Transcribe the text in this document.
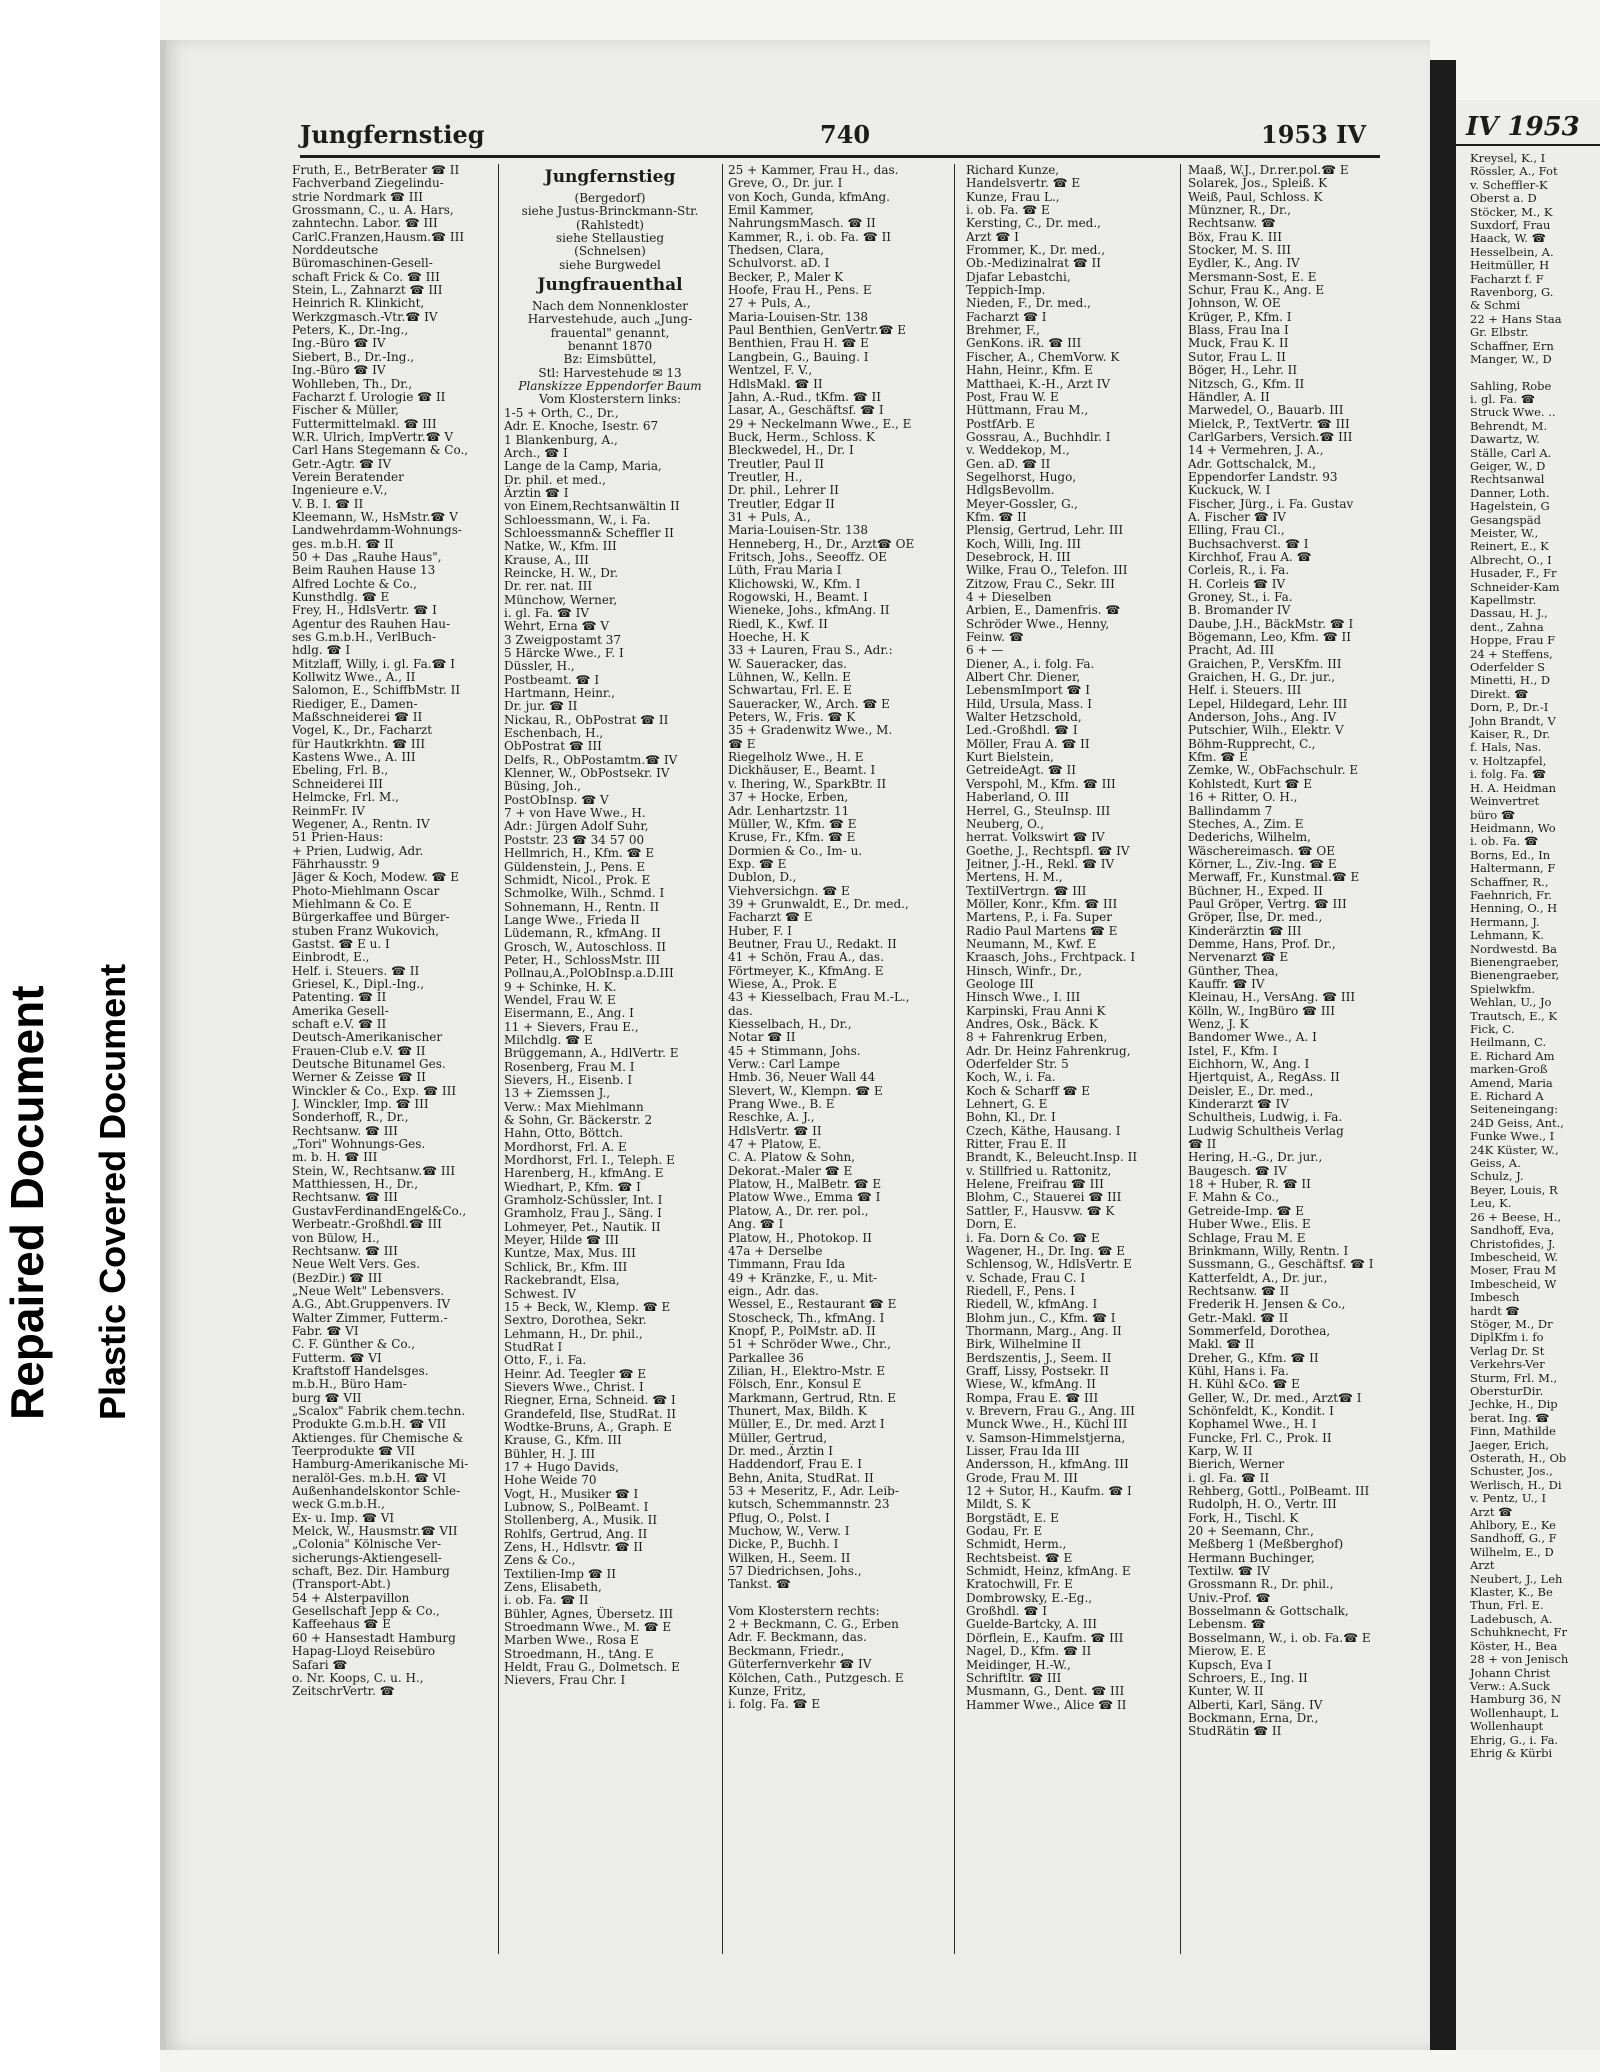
Repaired Document Plastic Covered Document
IV 1953
Kreysel, K., I
Rössler, A., Fot
v. Scheffler-K
Oberst a. D
Stöcker, M., K
Suxdorf, Frau
Haack, W. ☎
Hesselbein, A.
Heitmüller, H
Facharzt f. F
Ravenborg, G.
& Schmi
22 + Hans Staa
Gr. Elbstr.
Schaffner, Ern
Manger, W., D
Sahling, Robe
i. gl. Fa. ☎
Struck Wwe. ..
Behrendt, M.
Dawartz, W.
Ställe, Carl A.
Geiger, W., D
Rechtsanwal
Danner, Loth.
Hagelstein, G
Gesangspäd
Meister, W.,
Reinert, E., K
Albrecht, O., I
Husader, F., Fr
Schneider-Kam
Kapellmstr.
Dassau, H. J.,
dent., Zahna
Hoppe, Frau F
24 + Steffens,
Oderfelder S
Minetti, H., D
Direkt. ☎
Dorn, P., Dr.-I
John Brandt, V
Kaiser, R., Dr.
f. Hals, Nas.
v. Holtzapfel,
i. folg. Fa. ☎
H. A. Heidman
Weinvertret
büro ☎
Heidmann, Wo
i. ob. Fa. ☎
Borns, Ed., In
Haltermann, F
Schaffner, R.,
Faehnrich, Fr.
Henning, O., H
Hermann, J.
Lehmann, K.
Nordwestd. Ba
Bienengraeber,
Bienengraeber,
Spielwkfm.
Wehlan, U., Jo
Trautsch, E., K
Fick, C.
Heilmann, C.
E. Richard Am
marken-Groß
Amend, Maria
E. Richard A
Seiteneingang:
24D Geiss, Ant.,
Funke Wwe., I
24K Küster, W.,
Geiss, A.
Schulz, J.
Beyer, Louis, R
Leu, K.
26 + Beese, H.,
Sandhoff, Eva,
Christofides, J.
Imbescheid, W.
Moser, Frau M
Imbescheid, W
Imbesch
hardt ☎
Stöger, M., Dr
DiplKfm i. fo
Verlag Dr. St
Verkehrs-Ver
Sturm, Frl. M.,
ObersturDir.
Jechke, H., Dip
berat. Ing. ☎
Finn, Mathilde
Jaeger, Erich,
Osterath, H., Ob
Schuster, Jos.,
Werlisch, H., Di
v. Pentz, U., I
Arzt ☎
Ahlbory, E., Ke
Sandhoff, G., F
Wilhelm, E., D
Arzt
Neubert, J., Leh
Klaster, K., Be
Thun, Frl. E.
Ladebusch, A.
Schuhknecht, Fr
Köster, H., Bea
28 + von Jenisch
Johann Christ
Verw.: A.Suck
Hamburg 36, N
Wollenhaupt, L
Wollenhaupt
Ehrig, G., i. Fa.
Ehrig & Kürbi
Jungfernstieg	740	1953 IV
Fruth, E., BetrBerater ☎ II
Fachverband Ziegelindu-
strie Nordmark ☎ III
Grossmann, C., u. A. Hars,
zahntechn. Labor. ☎ III
CarlC.Franzen,Hausm.☎ III
Norddeutsche
Büromaschinen-Gesell-
schaft Frick & Co. ☎ III
Stein, L., Zahnarzt ☎ III
Heinrich R. Klinkicht,
Werkzgmasch.-Vtr.☎ IV
Peters, K., Dr.-Ing.,
Ing.-Büro ☎ IV
Siebert, B., Dr.-Ing.,
Ing.-Büro ☎ IV
Wohlleben, Th., Dr.,
Facharzt f. Urologie ☎ II
Fischer & Müller,
Futtermittelmakl. ☎ III
W.R. Ulrich, ImpVertr.☎ V
Carl Hans Stegemann & Co.,
Getr.-Agtr. ☎ IV
Verein Beratender
Ingenieure e.V.,
V. B. I. ☎ II
Kleemann, W., HsMstr.☎ V
Landwehrdamm-Wohnungs-
ges. m.b.H. ☎ II
50 + Das „Rauhe Haus",
Beim Rauhen Hause 13
Alfred Lochte & Co.,
Kunsthdlg. ☎ E
Frey, H., HdlsVertr. ☎ I
Agentur des Rauhen Hau-
ses G.m.b.H., VerlBuch-
hdlg. ☎ I
Mitzlaff, Willy, i. gl. Fa.☎ I
Kollwitz Wwe., A., II
Salomon, E., SchiffbMstr. II
Riediger, E., Damen-
Maßschneiderei ☎ II
Vogel, K., Dr., Facharzt
für Hautkrkhtn. ☎ III
Kastens Wwe., A. III
Ebeling, Frl. B.,
Schneiderei III
Helmcke, Frl. M.,
ReinmFr. IV
Wegener, A., Rentn. IV
51 Prien-Haus:
+ Prien, Ludwig, Adr.
Fährhausstr. 9
Jäger & Koch, Modew. ☎ E
Photo-Miehlmann Oscar
Miehlmann & Co. E
Bürgerkaffee und Bürger-
stuben Franz Wukovich,
Gastst. ☎ E u. I
Einbrodt, E.,
Helf. i. Steuers. ☎ II
Griesel, K., Dipl.-Ing.,
Patenting. ☎ II
Amerika Gesell-
schaft e.V. ☎ II
Deutsch-Amerikanischer
Frauen-Club e.V. ☎ II
Deutsche Bitunamel Ges.
Werner & Zeisse ☎ II
Winckler & Co., Exp. ☎ III
J. Winckler, Imp. ☎ III
Sonderhoff, R., Dr.,
Rechtsanw. ☎ III
„Tori" Wohnungs-Ges.
m. b. H. ☎ III
Stein, W., Rechtsanw.☎ III
Matthiessen, H., Dr.,
Rechtsanw. ☎ III
GustavFerdinandEngel&Co.,
Werbeatr.-Großhdl.☎ III
von Bülow, H.,
Rechtsanw. ☎ III
Neue Welt Vers. Ges.
(BezDir.) ☎ III
„Neue Welt" Lebensvers.
A.G., Abt.Gruppenvers. IV
Walter Zimmer, Futterm.-
Fabr. ☎ VI
C. F. Günther & Co.,
Futterm. ☎ VI
Kraftstoff Handelsges.
m.b.H., Büro Ham-
burg ☎ VII
„Scalox" Fabrik chem.techn.
Produkte G.m.b.H. ☎ VII
Aktienges. für Chemische &
Teerprodukte ☎ VII
Hamburg-Amerikanische Mi-
neralöl-Ges. m.b.H. ☎ VI
Außenhandelskontor Schle-
weck G.m.b.H.,
Ex- u. Imp. ☎ VI
Melck, W., Hausmstr.☎ VII
„Colonia" Kölnische Ver-
sicherungs-Aktiengesell-
schaft, Bez. Dir. Hamburg
(Transport-Abt.)
54 + Alsterpavillon
Gesellschaft Jepp & Co.,
Kaffeehaus ☎ E
60 + Hansestadt Hamburg
Hapag-Lloyd Reisebüro
Safari ☎
o. Nr. Koops, C. u. H.,
ZeitschrVertr. ☎
Jungfernstieg
(Bergedorf)
siehe Justus-Brinckmann-Str.
(Rahlstedt)
siehe Stellaustieg
(Schnelsen)
siehe Burgwedel
Jungfrauenthal
Nach dem Nonnenkloster
Harvestehude, auch „Jung-
frauental" genannt,
benannt 1870
Bz: Eimsbüttel,
Stl: Harvestehude ✉ 13
Planskizze Eppendorfer Baum
Vom Klosterstern links:
1-5 + Orth, C., Dr.,
Adr. E. Knoche, Isestr. 67
1 Blankenburg, A.,
Arch., ☎ I
Lange de la Camp, Maria,
Dr. phil. et med.,
Ärztin ☎ I
von Einem,Rechtsanwältin II
Schloessmann, W., i. Fa.
Schloessmann& Scheffler II
Natke, W., Kfm. III
Krause, A., III
Reincke, H. W., Dr.
Dr. rer. nat. III
Münchow, Werner,
i. gl. Fa. ☎ IV
Wehrt, Erna ☎ V
3 Zweigpostamt 37
5 Härcke Wwe., F. I
Düssler, H.,
Postbeamt. ☎ I
Hartmann, Heinr.,
Dr. jur. ☎ II
Nickau, R., ObPostrat ☎ II
Eschenbach, H.,
ObPostrat ☎ III
Delfs, R., ObPostamtm.☎ IV
Klenner, W., ObPostsekr. IV
Büsing, Joh.,
PostObInsp. ☎ V
7 + von Have Wwe., H.
Adr.: Jürgen Adolf Suhr,
Poststr. 23 ☎ 34 57 00
Hellmrich, H., Kfm. ☎ E
Güldenstein, J., Pens. E
Schmidt, Nicol., Prok. E
Schmolke, Wilh., Schmd. I
Sohnemann, H., Rentn. II
Lange Wwe., Frieda II
Lüdemann, R., kfmAng. II
Grosch, W., Autoschloss. II
Peter, H., SchlossMstr. III
Pollnau,A.,PolObInsp.a.D.III
9 + Schinke, H. K.
Wendel, Frau W. E
Eisermann, E., Ang. I
11 + Sievers, Frau E.,
Milchdlg. ☎ E
Brüggemann, A., HdlVertr. E
Rosenberg, Frau M. I
Sievers, H., Eisenb. I
13 + Ziemssen J.,
Verw.: Max Miehlmann
& Sohn, Gr. Bäckerstr. 2
Hahn, Otto, Böttch.
Mordhorst, Frl. A. E
Mordhorst, Frl. I., Teleph. E
Harenberg, H., kfmAng. E
Wiedhart, P., Kfm. ☎ I
Gramholz-Schüssler, Int. I
Gramholz, Frau J., Säng. I
Lohmeyer, Pet., Nautik. II
Meyer, Hilde ☎ III
Kuntze, Max, Mus. III
Schlick, Br., Kfm. III
Rackebrandt, Elsa,
Schwest. IV
15 + Beck, W., Klemp. ☎ E
Sextro, Dorothea, Sekr.
Lehmann, H., Dr. phil.,
StudRat I
Otto, F., i. Fa.
Heinr. Ad. Teegler ☎ E
Sievers Wwe., Christ. I
Riegner, Erna, Schneid. ☎ I
Grandefeld, Ilse, StudRat. II
Wodtke-Bruns, A., Graph. E
Krause, G., Kfm. III
Bühler, H. J. III
17 + Hugo Davids,
Hohe Weide 70
Vogt, H., Musiker ☎ I
Lubnow, S., PolBeamt. I
Stollenberg, A., Musik. II
Rohlfs, Gertrud, Ang. II
Zens, H., Hdlsvtr. ☎ II
Zens & Co.,
Textilien-Imp ☎ II
Zens, Elisabeth,
i. ob. Fa. ☎ II
Bühler, Agnes, Übersetz. III
Stroedmann Wwe., M. ☎ E
Marben Wwe., Rosa E
Stroedmann, H., tAng. E
Heldt, Frau G., Dolmetsch. E
Nievers, Frau Chr. I
25 + Kammer, Frau H., das.
Greve, O., Dr. jur. I
von Koch, Gunda, kfmAng.
Emil Kammer,
NahrungsmMasch. ☎ II
Kammer, R., i. ob. Fa. ☎ II
Thedsen, Clara,
Schulvorst. aD. I
Becker, P., Maler K
Hoofe, Frau H., Pens. E
27 + Puls, A.,
Maria-Louisen-Str. 138
Paul Benthien, GenVertr.☎ E
Benthien, Frau H. ☎ E
Langbein, G., Bauing. I
Wentzel, F. V.,
HdlsMakl. ☎ II
Jahn, A.-Rud., tKfm. ☎ II
Lasar, A., Geschäftsf. ☎ I
29 + Neckelmann Wwe., E., E
Buck, Herm., Schloss. K
Bleckwedel, H., Dr. I
Treutler, Paul II
Treutler, H.,
Dr. phil., Lehrer II
Treutler, Edgar II
31 + Puls, A.,
Maria-Louisen-Str. 138
Henneberg, H., Dr., Arzt☎ OE
Fritsch, Johs., Seeoffz. OE
Lüth, Frau Maria I
Klichowski, W., Kfm. I
Rogowski, H., Beamt. I
Wieneke, Johs., kfmAng. II
Riedl, K., Kwf. II
Hoeche, H. K
33 + Lauren, Frau S., Adr.:
W. Saueracker, das.
Lühnen, W., Kelln. E
Schwartau, Frl. E. E
Saueracker, W., Arch. ☎ E
Peters, W., Fris. ☎ K
35 + Gradenwitz Wwe., M.
☎ E
Riegelholz Wwe., H. E
Dickhäuser, E., Beamt. I
v. Ihering, W., SparkBtr. II
37 + Hocke, Erben,
Adr. Lenhartzstr. 11
Müller, W., Kfm. ☎ E
Kruse, Fr., Kfm. ☎ E
Dormien & Co., Im- u.
Exp. ☎ E
Dublon, D.,
Viehversichgn. ☎ E
39 + Grunwaldt, E., Dr. med.,
Facharzt ☎ E
Huber, F. I
Beutner, Frau U., Redakt. II
41 + Schön, Frau A., das.
Förtmeyer, K., KfmAng. E
Wiese, A., Prok. E
43 + Kiesselbach, Frau M.-L.,
das.
Kiesselbach, H., Dr.,
Notar ☎ II
45 + Stimmann, Johs.
Verw.: Carl Lampe
Hmb. 36, Neuer Wall 44
Slevert, W., Klempn. ☎ E
Prang Wwe., B. E
Reschke, A. J.,
HdlsVertr. ☎ II
47 + Platow, E.
C. A. Platow & Sohn,
Dekorat.-Maler ☎ E
Platow, H., MalBetr. ☎ E
Platow Wwe., Emma ☎ I
Platow, A., Dr. rer. pol.,
Ang. ☎ I
Platow, H., Photokop. II
47a + Derselbe
Timmann, Frau Ida
49 + Kränzke, F., u. Mit-
eign., Adr. das.
Wessel, E., Restaurant ☎ E
Stoscheck, Th., kfmAng. I
Knopf, P., PolMstr. aD. II
51 + Schröder Wwe., Chr.,
Parkallee 36
Zilian, H., Elektro-Mstr. E
Fölsch, Enr., Konsul E
Markmann, Gertrud, Rtn. E
Thunert, Max, Bildh. K
Müller, E., Dr. med. Arzt I
Müller, Gertrud,
Dr. med., Ärztin I
Haddendorf, Frau E. I
Behn, Anita, StudRat. II
53 + Meseritz, F., Adr. Leib-
kutsch, Schemmannstr. 23
Pflug, O., Polst. I
Muchow, W., Verw. I
Dicke, P., Buchh. I
Wilken, H., Seem. II
57 Diedrichsen, Johs.,
Tankst. ☎
Vom Klosterstern rechts:
2 + Beckmann, C. G., Erben
Adr. F. Beckmann, das.
Beckmann, Friedr.,
Güterfernverkehr ☎ IV
Kölchen, Cath., Putzgesch. E
Kunze, Fritz,
i. folg. Fa. ☎ E
Richard Kunze,
Handelsvertr. ☎ E
Kunze, Frau L.,
i. ob. Fa. ☎ E
Kersting, C., Dr. med.,
Arzt ☎ I
Frommer, K., Dr. med.,
Ob.-Medizinalrat ☎ II
Djafar Lebastchi,
Teppich-Imp.
Nieden, F., Dr. med.,
Facharzt ☎ I
Brehmer, F.,
GenKons. iR. ☎ III
Fischer, A., ChemVorw. K
Hahn, Heinr., Kfm. E
Matthaei, K.-H., Arzt IV
Post, Frau W. E
Hüttmann, Frau M.,
PostfArb. E
Gossrau, A., Buchhdlr. I
v. Weddekop, M.,
Gen. aD. ☎ II
Segelhorst, Hugo,
HdlgsBevollm.
Meyer-Gossler, G.,
Kfm. ☎ II
Plensig, Gertrud, Lehr. III
Koch, Willi, Ing. III
Desebrock, H. III
Wilke, Frau O., Telefon. III
Zitzow, Frau C., Sekr. III
4 + Dieselben
Arbien, E., Damenfris. ☎
Schröder Wwe., Henny,
Feinw. ☎
6 + —
Diener, A., i. folg. Fa.
Albert Chr. Diener,
LebensmImport ☎ I
Hild, Ursula, Mass. I
Walter Hetzschold,
Led.-Großhdl. ☎ I
Möller, Frau A. ☎ II
Kurt Bielstein,
GetreideAgt. ☎ II
Verspohl, M., Kfm. ☎ III
Haberland, O. III
Herrel, G., SteuInsp. III
Neuberg, O.,
herrat. Volkswirt ☎ IV
Goethe, J., Rechtspfl. ☎ IV
Jeitner, J.-H., Rekl. ☎ IV
Mertens, H. M.,
TextilVertrgn. ☎ III
Möller, Konr., Kfm. ☎ III
Martens, P., i. Fa. Super
Radio Paul Martens ☎ E
Neumann, M., Kwf. E
Kraasch, Johs., Frchtpack. I
Hinsch, Winfr., Dr.,
Geologe III
Hinsch Wwe., I. III
Karpinski, Frau Anni K
Andres, Osk., Bäck. K
8 + Fahrenkrug Erben,
Adr. Dr. Heinz Fahrenkrug,
Oderfelder Str. 5
Koch, W., i. Fa.
Koch & Scharff ☎ E
Lehnert, G. E
Bohn, Kl., Dr. I
Czech, Käthe, Hausang. I
Ritter, Frau E. II
Brandt, K., Beleucht.Insp. II
v. Stillfried u. Rattonitz,
Helene, Freifrau ☎ III
Blohm, C., Stauerei ☎ III
Sattler, F., Hausvw. ☎ K
Dorn, E.
i. Fa. Dorn & Co. ☎ E
Wagener, H., Dr. Ing. ☎ E
Schlensog, W., HdlsVertr. E
v. Schade, Frau C. I
Riedell, F., Pens. I
Riedell, W., kfmAng. I
Blohm jun., C., Kfm. ☎ I
Thormann, Marg., Ang. II
Birk, Wilhelmine II
Berdszentis, J., Seem. II
Graff, Lissy, Postsekr. II
Wiese, W., kfmAng. II
Rompa, Frau E. ☎ III
v. Brevern, Frau G., Ang. III
Munck Wwe., H., Küchl III
v. Samson-Himmelstjerna,
Lisser, Frau Ida III
Andersson, H., kfmAng. III
Grode, Frau M. III
12 + Sutor, H., Kaufm. ☎ I
Mildt, S. K
Borgstädt, E. E
Godau, Fr. E
Schmidt, Herm.,
Rechtsbeist. ☎ E
Schmidt, Heinz, kfmAng. E
Kratochwill, Fr. E
Dombrowsky, E.-Eg.,
Großhdl. ☎ I
Guelde-Bartcky, A. III
Dörflein, E., Kaufm. ☎ III
Nagel, D., Kfm. ☎ II
Meidinger, H.-W.,
Schriftltr. ☎ III
Musmann, G., Dent. ☎ III
Hammer Wwe., Alice ☎ II
Maaß, W.J., Dr.rer.pol.☎ E
Solarek, Jos., Spleiß. K
Weiß, Paul, Schloss. K
Münzner, R., Dr.,
Rechtsanw. ☎
Böx, Frau K. III
Stocker, M. S. III
Eydler, K., Ang. IV
Mersmann-Sost, E. E
Schur, Frau K., Ang. E
Johnson, W. OE
Krüger, P., Kfm. I
Blass, Frau Ina I
Muck, Frau K. II
Sutor, Frau L. II
Böger, H., Lehr. II
Nitzsch, G., Kfm. II
Händler, A. II
Marwedel, O., Bauarb. III
Mielck, P., TextVertr. ☎ III
CarlGarbers, Versich.☎ III
14 + Vermehren, J. A.,
Adr. Gottschalck, M.,
Eppendorfer Landstr. 93
Kuckuck, W. I
Fischer, Jürg., i. Fa. Gustav
A. Fischer ☎ IV
Elling, Frau Cl.,
Buchsachverst. ☎ I
Kirchhof, Frau A. ☎
Corleis, R., i. Fa.
H. Corleis ☎ IV
Groney, St., i. Fa.
B. Bromander IV
Daube, J.H., BäckMstr. ☎ I
Bögemann, Leo, Kfm. ☎ II
Pracht, Ad. III
Graichen, P., VersKfm. III
Graichen, H. G., Dr. jur.,
Helf. i. Steuers. III
Lepel, Hildegard, Lehr. III
Anderson, Johs., Ang. IV
Putschier, Wilh., Elektr. V
Böhm-Rupprecht, C.,
Kfm. ☎ E
Zemke, W., ObFachschulr. E
Kohlstedt, Kurt ☎ E
16 + Ritter, O. H.,
Ballindamm 7
Steches, A., Zim. E
Dederichs, Wilhelm,
Wäschereimasch. ☎ OE
Körner, L., Ziv.-Ing. ☎ E
Merwaff, Fr., Kunstmal.☎ E
Büchner, H., Exped. II
Paul Gröper, Vertrg. ☎ III
Gröper, Ilse, Dr. med.,
Kinderärztin ☎ III
Demme, Hans, Prof. Dr.,
Nervenarzt ☎ E
Günther, Thea,
Kauffr. ☎ IV
Kleinau, H., VersAng. ☎ III
Kölln, W., IngBüro ☎ III
Wenz, J. K
Bandomer Wwe., A. I
Istel, F., Kfm. I
Eichhorn, W., Ang. I
Hjertquist, A., RegAss. II
Deisler, E., Dr. med.,
Kinderarzt ☎ IV
Schultheis, Ludwig, i. Fa.
Ludwig Schultheis Verlag
☎ II
Hering, H.-G., Dr. jur.,
Baugesch. ☎ IV
18 + Huber, R. ☎ II
F. Mahn & Co.,
Getreide-Imp. ☎ E
Huber Wwe., Elis. E
Schlage, Frau M. E
Brinkmann, Willy, Rentn. I
Sussmann, G., Geschäftsf. ☎ I
Katterfeldt, A., Dr. jur.,
Rechtsanw. ☎ II
Frederik H. Jensen & Co.,
Getr.-Makl. ☎ II
Sommerfeld, Dorothea,
Makl. ☎ II
Dreher, G., Kfm. ☎ II
Kühl, Hans i. Fa.
H. Kühl &Co. ☎ E
Geller, W., Dr. med., Arzt☎ I
Schönfeldt, K., Kondit. I
Kophamel Wwe., H. I
Funcke, Frl. C., Prok. II
Karp, W. II
Bierich, Werner
i. gl. Fa. ☎ II
Rehberg, Gottl., PolBeamt. III
Rudolph, H. O., Vertr. III
Fork, H., Tischl. K
20 + Seemann, Chr.,
Meßberg 1 (Meßberghof)
Hermann Buchinger,
Textilw. ☎ IV
Grossmann R., Dr. phil.,
Univ.-Prof. ☎
Bosselmann & Gottschalk,
Lebensm. ☎
Bosselmann, W., i. ob. Fa.☎ E
Mierow, E. E
Kupsch, Eva I
Schroers, E., Ing. II
Kunter, W. II
Alberti, Karl, Säng. IV
Bockmann, Erna, Dr.,
StudRätin ☎ II
